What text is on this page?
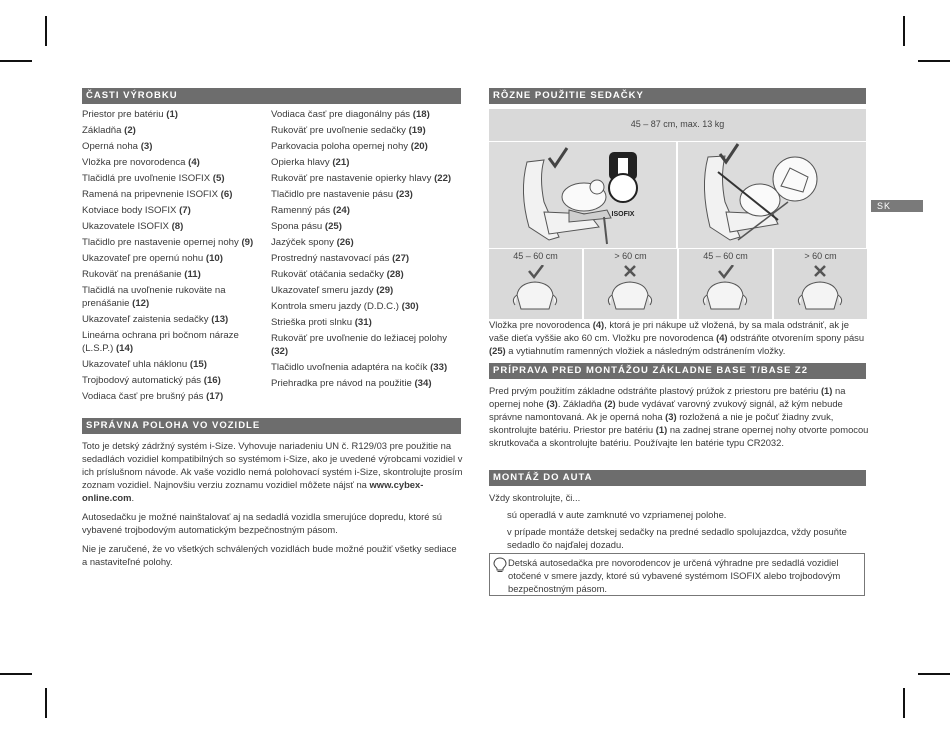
SK
ČASTI VÝROBKU
Priestor pre batériu (1)
Základňa (2)
Operná noha (3)
Vložka pre novorodenca (4)
Tlačidlá pre uvoľnenie ISOFIX (5)
Ramená na pripevnenie ISOFIX (6)
Kotviace body ISOFIX (7)
Ukazovatele ISOFIX (8)
Tlačidlo pre nastavenie opernej nohy (9)
Ukazovateľ pre opernú nohu (10)
Rukoväť na prenášanie (11)
Tlačidlá na uvoľnenie rukoväte na prenášanie (12)
Ukazovateľ zaistenia sedačky (13)
Lineárna ochrana pri bočnom náraze (L.S.P.) (14)
Ukazovateľ uhla náklonu (15)
Trojbodový automatický pás (16)
Vodiaca časť pre brušný pás (17)
Vodiaca časť pre diagonálny pás (18)
Rukoväť pre uvoľnenie sedačky (19)
Parkovacia poloha opernej nohy (20)
Opierka hlavy (21)
Rukoväť pre nastavenie opierky hlavy (22)
Tlačidlo pre nastavenie pásu (23)
Ramenný pás (24)
Spona pásu (25)
Jazýček spony (26)
Prostredný nastavovací pás (27)
Rukoväť otáčania sedačky (28)
Ukazovateľ smeru jazdy (29)
Kontrola smeru jazdy (D.D.C.) (30)
Strieška proti slnku (31)
Rukoväť pre uvoľnenie do ležiacej polohy (32)
Tlačidlo uvoľnenia adaptéra na kočík (33)
Priehradka pre návod na použitie (34)
SPRÁVNA POLOHA VO VOZIDLE

Toto je detský zádržný systém i-Size. Vyhovuje nariadeniu UN č. R129/03 pre použitie na sedadlách vozidiel kompatibilných so systémom i-Size, ako je uvedené výrobcami vozidiel v ich príslušnom návode. Ak vaše vozidlo nemá polohovací systém i-Size, skontrolujte prosím zoznam vozidiel. Najnovšiu verziu zoznamu vozidiel môžete nájsť na www.cybex-online.com.

Autosedačku je možné nainštalovať aj na sedadlá vozidla smerujúce dopredu, ktoré sú vybavené trojbodovým automatickým bezpečnostným pásom.

Nie je zaručené, že vo všetkých schválených vozidlách bude možné použiť všetky sediace a nastaviteľné polohy.

RÔZNE POUŽITIE SEDAČKY
45 – 87 cm, max. 13 kg
ISOFIX
45 – 60 cm	> 60 cm	45 – 60 cm	> 60 cm

Vložka pre novorodenca (4), ktorá je pri nákupe už vložená, by sa mala odstrániť, ak je vaše dieťa vyššie ako 60 cm. Vložku pre novorodenca (4) odstráňte otvorením spony pásu (25) a vytiahnutím ramenných vložiek a následným odstránením vložky.

PRÍPRAVA PRED MONTÁŽOU ZÁKLADNE BASE T/BASE Z2

Pred prvým použitím základne odstráňte plastový prúžok z priestoru pre batériu (1) na opernej nohe (3). Základňa (2) bude vydávať varovný zvukový signál, až kým nebude správne namontovaná. Ak je operná noha (3) rozložená a nie je počuť žiadny zvuk, skontrolujte batériu. Priestor pre batériu (1) na zadnej strane opernej nohy otvorte pomocou skrutkovača a skontrolujte batériu. Používajte len batérie typu CR2032.

MONTÁŽ DO AUTA

Vždy skontrolujte, či...

sú operadlá v aute zamknuté vo vzpriamenej polohe.

v prípade montáže detskej sedačky na predné sedadlo spolujazdca, vždy posuňte sedadlo čo najďalej dozadu.

Detská autosedačka pre novorodencov je určená výhradne pre sedadlá vozidiel otočené v smere jazdy, ktoré sú vybavené systémom ISOFIX alebo trojbodovým bezpečnostným pásom.
